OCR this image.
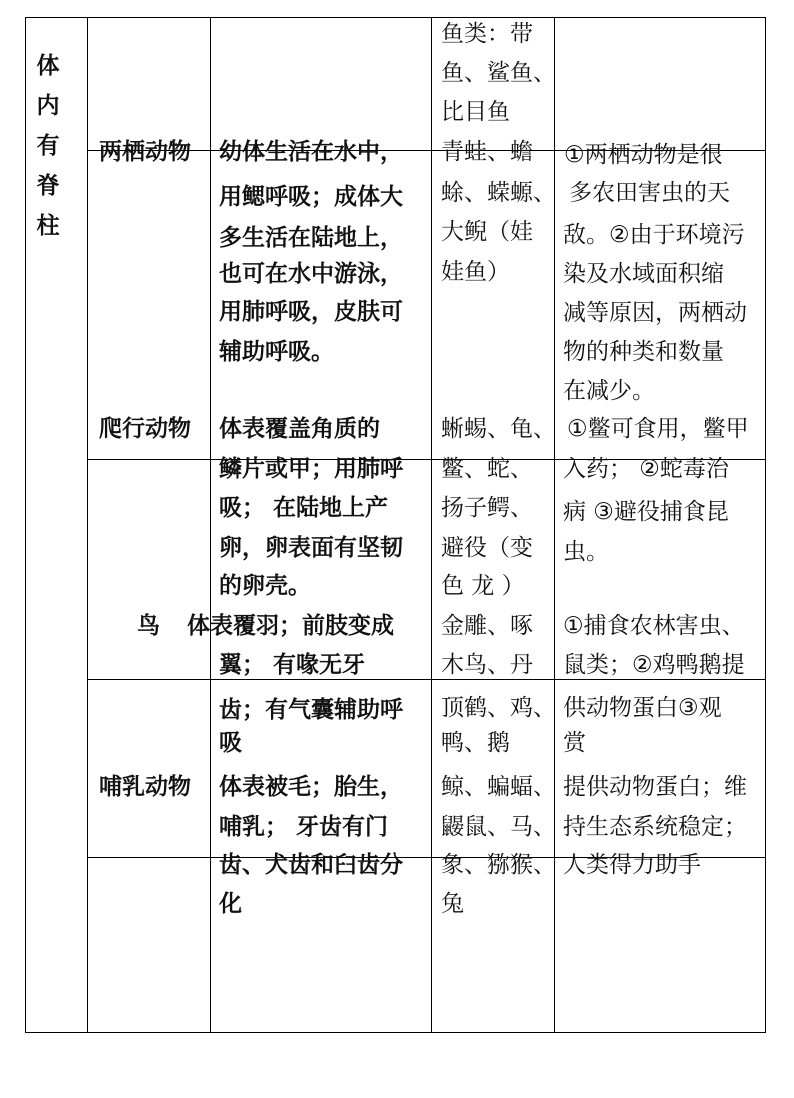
体内有脊柱
鱼类：带
鱼、鲨鱼、
比目鱼
两栖动物 幼体生活在水中，
用鳃呼吸；成体大
多生活在陆地上，
也可在水中游泳，
用肺呼吸，皮肤可
辅助呼吸。
青蛙、蟾
蜍、蝾螈、
大鲵（娃
娃鱼）
①两栖动物是很
多农田害虫的天
敌。②由于环境污
染及水域面积缩
减等原因，两栖动
物的种类和数量
在减少。
爬行动物 体表覆盖角质的
鳞片或甲；用肺呼
吸； 在陆地上产
卵，卵表面有坚韧
的卵壳。
蜥蜴、龟、
鳖、蛇、
扬子鳄、
避役（变
色 龙 ）
①鳖可食用，鳖甲
入药； ②蛇毒治
病 ③避役捕食昆
虫。
鸟 体表覆羽；前肢变成
翼； 有喙无牙
齿；有气囊辅助呼
吸
金雕、啄
木鸟、丹
顶鹤、鸡、
鸭、鹅
①捕食农林害虫、
鼠类；②鸡鸭鹅提
供动物蛋白③观
赏
哺乳动物 体表被毛；胎生，
哺乳； 牙齿有门
齿、犬齿和臼齿分
化
鲸、蝙蝠、
鼹鼠、马、
象、猕猴、
兔
提供动物蛋白；维
持生态系统稳定；
人类得力助手
